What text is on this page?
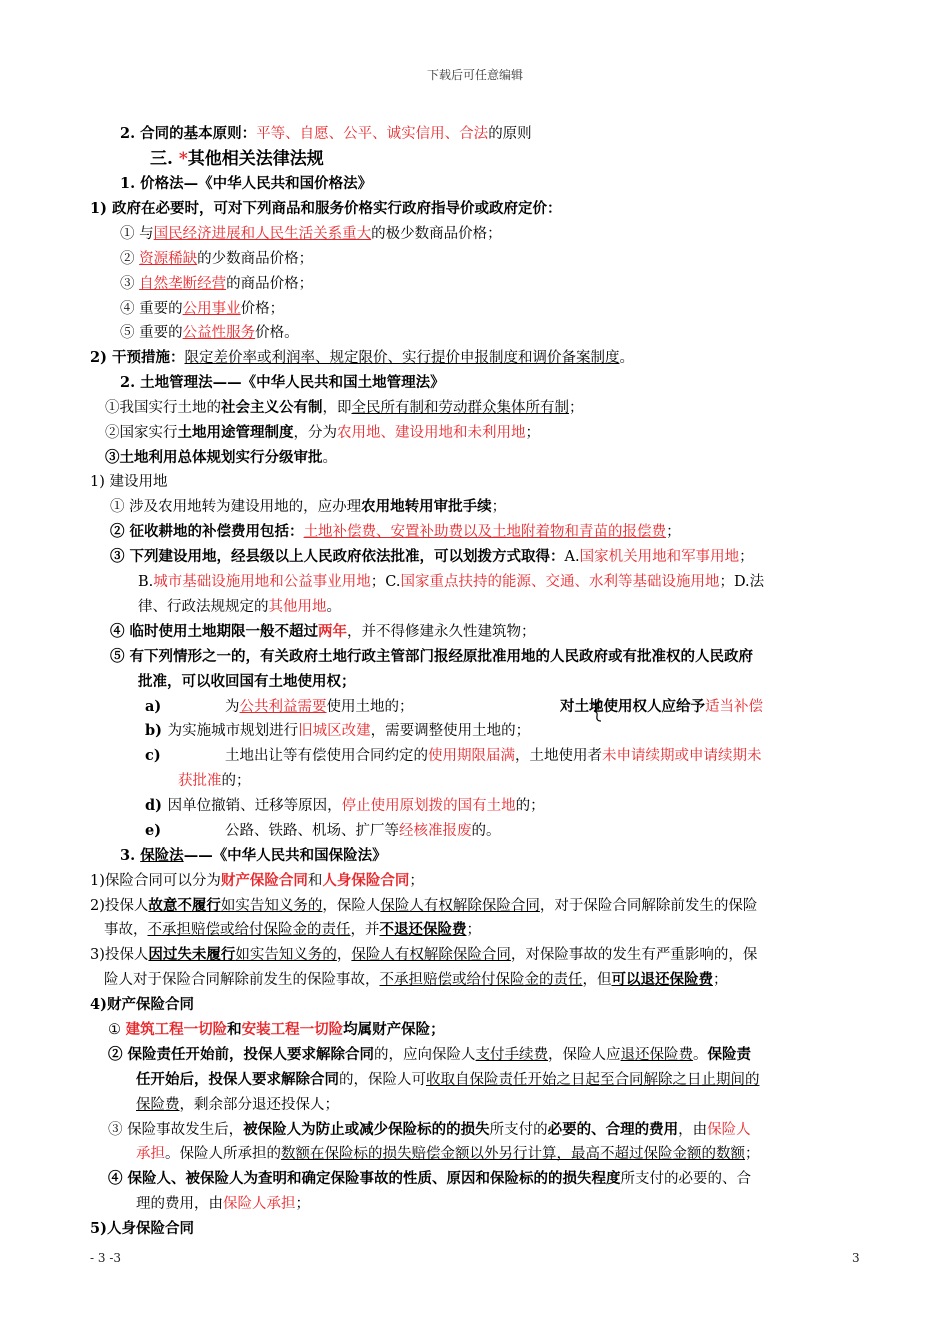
下载后可任意编辑
2. 合同的基本原则：平等、自愿、公平、诚实信用、合法的原则
三. *其他相关法律法规
1. 价格法—《中华人民共和国价格法》
1) 政府在必要时，可对下列商品和服务价格实行政府指导价或政府定价：
① 与国民经济进展和人民生活关系重大的极少数商品价格；
② 资源稀缺的少数商品价格；
③ 自然垄断经营的商品价格；
④ 重要的公用事业价格；
⑤ 重要的公益性服务价格。
2) 干预措施：限定差价率或利润率、规定限价、实行提价申报制度和调价备案制度。
2. 土地管理法——《中华人民共和国土地管理法》
①我国实行土地的社会主义公有制，即全民所有制和劳动群众集体所有制；
②国家实行土地用途管理制度，分为农用地、建设用地和未利用地；
③土地利用总体规划实行分级审批。
1) 建设用地
① 涉及农用地转为建设用地的，应办理农用地转用审批手续；
② 征收耕地的补偿费用包括：土地补偿费、安置补助费以及土地附着物和青苗的报偿费；
③ 下列建设用地，经县级以上人民政府依法批准，可以划拨方式取得：A.国家机关用地和军事用地；
B.城市基础设施用地和公益事业用地；C.国家重点扶持的能源、交通、水利等基础设施用地；D.法
律、行政法规规定的其他用地。
④ 临时使用土地期限一般不超过两年，并不得修建永久性建筑物；
⑤ 有下列情形之一的，有关政府土地行政主管部门报经原批准用地的人民政府或有批准权的人民政府
批准，可以收回国有土地使用权；
a)	为公共利益需要使用土地的；	对土地使用权人应给予适当补偿
b) 为实施城市规划进行旧城区改建，需要调整使用土地的；
c)	土地出让等有偿使用合同约定的使用期限届满，土地使用者未申请续期或申请续期未
获批准的；
d) 因单位撤销、迁移等原因，停止使用原划拨的国有土地的；
e)	公路、铁路、机场、扩厂等经核准报废的。
3. 保险法——《中华人民共和国保险法》
1)保险合同可以分为财产保险合同和人身保险合同；
2)投保人故意不履行如实告知义务的，保险人保险人有权解除保险合同，对于保险合同解除前发生的保险
事故，不承担赔偿或给付保险金的责任，并不退还保险费；
3)投保人因过失未履行如实告知义务的，保险人有权解除保险合同，对保险事故的发生有严重影响的，保
险人对于保险合同解除前发生的保险事故，不承担赔偿或给付保险金的责任，但可以退还保险费；
4)财产保险合同
① 建筑工程一切险和安装工程一切险均属财产保险；
② 保险责任开始前，投保人要求解除合同的，应向保险人支付手续费，保险人应退还保险费。保险责
任开始后，投保人要求解除合同的，保险人可收取自保险责任开始之日起至合同解除之日止期间的
保险费，剩余部分退还投保人；
③ 保险事故发生后，被保险人为防止或减少保险标的的损失所支付的必要的、合理的费用，由保险人
承担。保险人所承担的数额在保险标的损失赔偿金额以外另行计算，最高不超过保险金额的数额；
④ 保险人、被保险人为查明和确定保险事故的性质、原因和保险标的的损失程度所支付的必要的、合
理的费用，由保险人承担；
5)人身保险合同
- 3 -3	3
